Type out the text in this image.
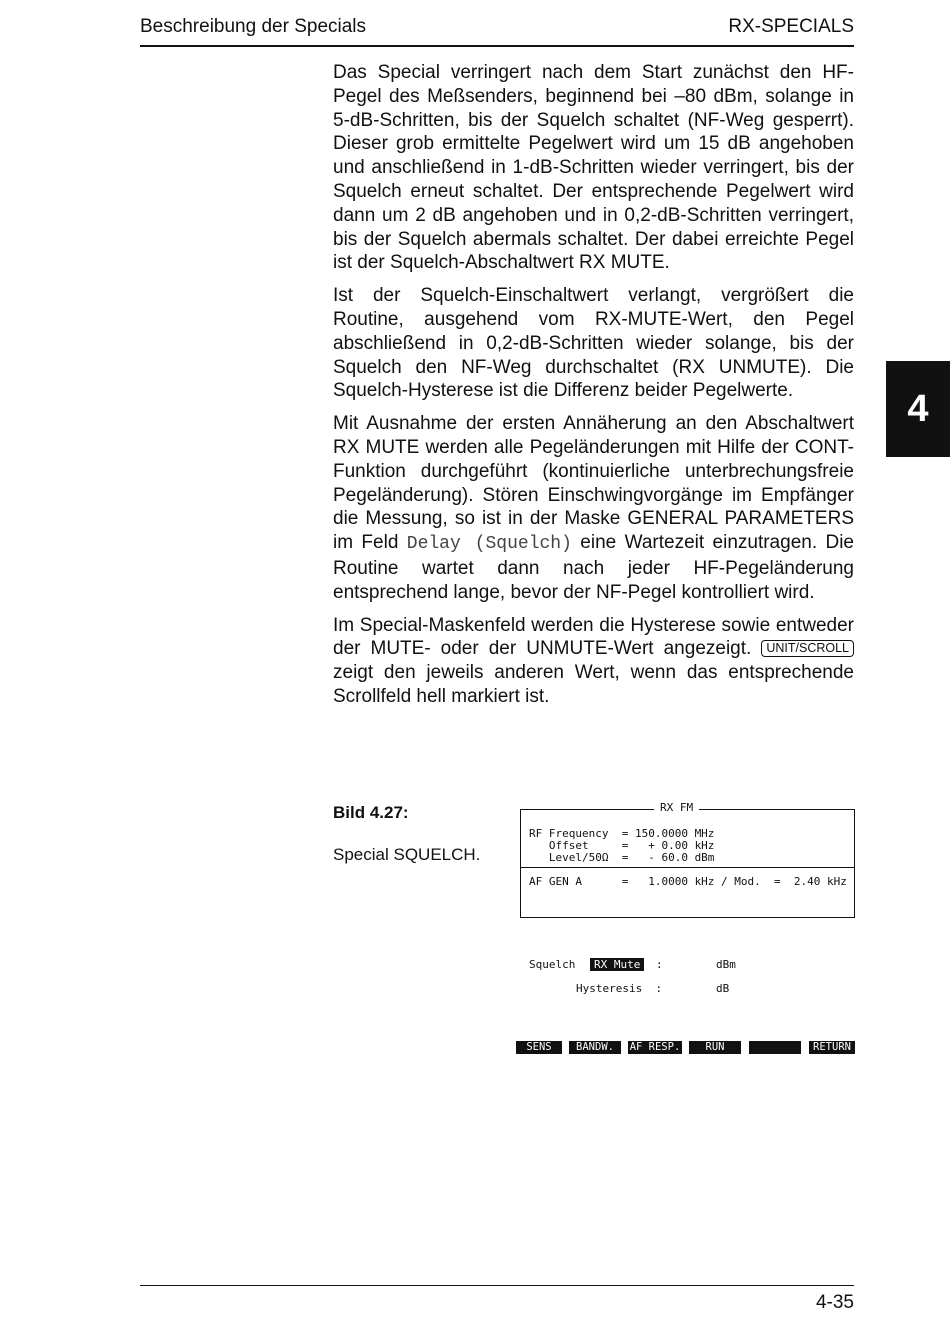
Beschreibung der Specials	RX-SPECIALS
4

Das Special verringert nach dem Start zunächst den HF-Pegel des Meßsenders, beginnend bei –80 dBm, solange in 5-dB-Schritten, bis der Squelch schaltet (NF-Weg gesperrt). Dieser grob ermittelte Pegelwert wird um 15 dB angehoben und anschließend in 1-dB-Schritten wieder verringert, bis der Squelch erneut schaltet. Der entsprechende Pegelwert wird dann um 2 dB angehoben und in 0,2-dB-Schritten verringert, bis der Squelch abermals schaltet. Der dabei erreichte Pegel ist der Squelch-Abschaltwert RX MUTE.

Ist der Squelch-Einschaltwert verlangt, vergrößert die Routine, ausgehend vom RX-MUTE-Wert, den Pegel abschließend in 0,2-dB-Schritten wieder solange, bis der Squelch den NF-Weg durchschaltet (RX UNMUTE). Die Squelch-Hysterese ist die Differenz beider Pegelwerte.

Mit Ausnahme der ersten Annäherung an den Abschaltwert RX MUTE werden alle Pegeländerungen mit Hilfe der CONT-Funktion durchgeführt (kontinuierliche unterbrechungsfreie Pegeländerung). Stören Einschwingvorgänge im Empfänger die Messung, so ist in der Maske GENERAL PARAMETERS im Feld Delay (Squelch) eine Wartezeit einzutragen. Die Routine wartet dann nach jeder HF-Pegeländerung entsprechend lange, bevor der NF-Pegel kontrolliert wird.

Im Special-Maskenfeld werden die Hysterese sowie entweder der MUTE- oder der UNMUTE-Wert angezeigt. UNIT/SCROLL zeigt den jeweils anderen Wert, wenn das entsprechende Scrollfeld hell markiert ist.

Bild 4.27:
Special SQUELCH.
RX FM
RF Frequency  = 150.0000 MHz
Offset     =   + 0.00 kHz
Level/50Ω  =   - 60.0 dBm
AF GEN A      =   1.0000 kHz / Mod.  =  2.40 kHz
Squelch	RX Mute	:	dBm
Hysteresis  :	dB
SENS	BANDW.	AF RESP.	RUN	RETURN
4-35
